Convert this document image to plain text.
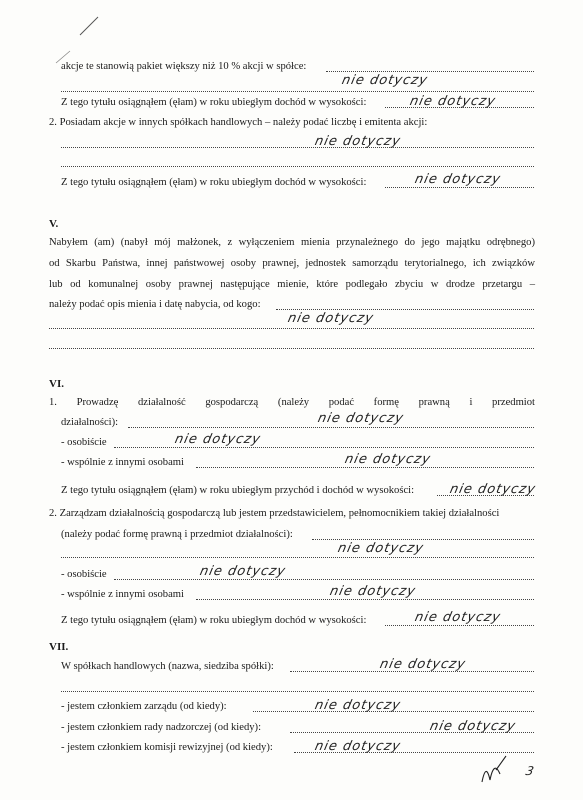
akcje te stanowią pakiet większy niż 10 % akcji w spółce:
nie dotyczy
Z tego tytułu osiągnąłem (ęłam) w roku ubiegłym dochód w wysokości:	nie dotyczy
2. Posiadam akcje w innych spółkach handlowych – należy podać liczbę i emitenta akcji:
nie dotyczy
Z tego tytułu osiągnąłem (ęłam) w roku ubiegłym dochód w wysokości:	nie dotyczy
V.
Nabyłem (am) (nabył mój małżonek, z wyłączeniem mienia przynależnego do jego majątku odrębnego)
od Skarbu Państwa, innej państwowej osoby prawnej, jednostek samorządu terytorialnego, ich związków
lub od komunalnej osoby prawnej następujące mienie, które podlegało zbyciu w drodze przetargu –
należy podać opis mienia i datę nabycia, od kogo:
nie dotyczy
VI.
1. Prowadzę działalność gospodarczą (należy podać formę prawną i przedmiot
działalności):	nie dotyczy
- osobiście	nie dotyczy
- wspólnie z innymi osobami	nie dotyczy
Z tego tytułu osiągnąłem (ęłam) w roku ubiegłym przychód i dochód w wysokości:	nie dotyczy
2. Zarządzam działalnością gospodarczą lub jestem przedstawicielem, pełnomocnikiem takiej działalności
(należy podać formę prawną i przedmiot działalności):
nie dotyczy
- osobiście	nie dotyczy
- wspólnie z innymi osobami	nie dotyczy
Z tego tytułu osiągnąłem (ęłam) w roku ubiegłym dochód w wysokości:	nie dotyczy
VII.
W spółkach handlowych (nazwa, siedziba spółki):	nie dotyczy
- jestem członkiem zarządu (od kiedy):	nie dotyczy
- jestem członkiem rady nadzorczej (od kiedy):	nie dotyczy
- jestem członkiem komisji rewizyjnej (od kiedy):	nie dotyczy
3
